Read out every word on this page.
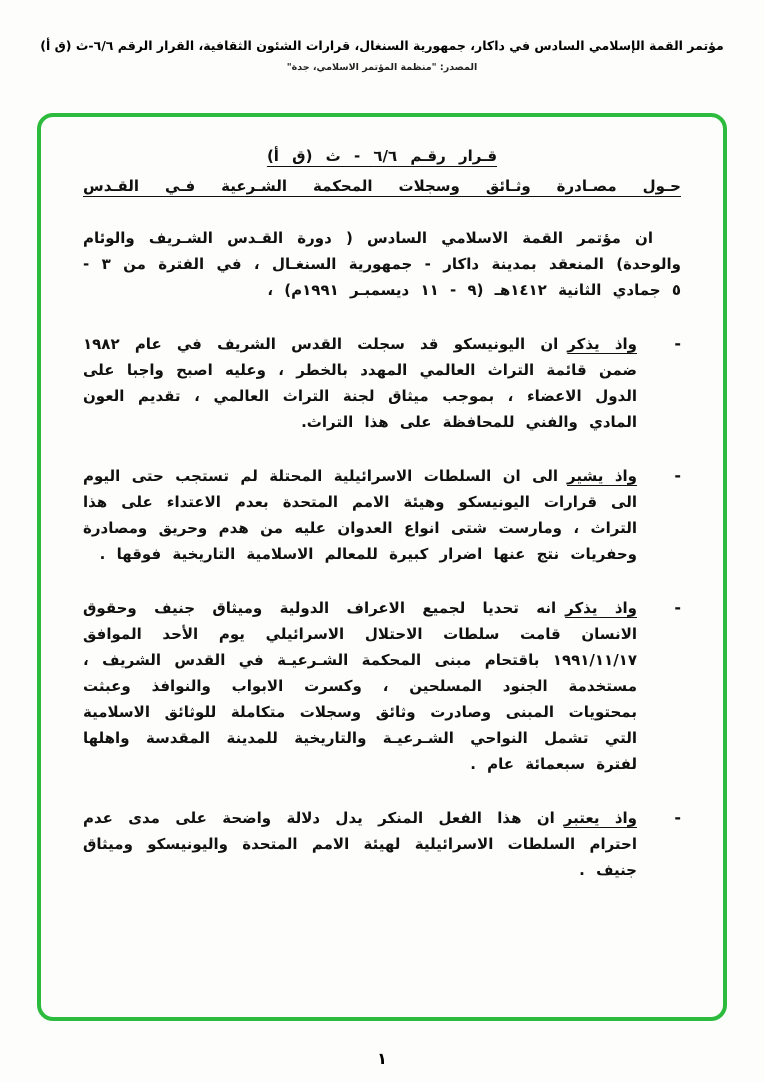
مؤتمر القمة الإسلامي السادس في داكار، جمهورية السنغال، قرارات الشئون الثقافية، القرار الرقم ٦/٦-ث (ق أ)
المصدر: "منظمة المؤتمر الاسلامي، جدة"
قـرار رقـم ٦/٦ - ث (ق أ)
حـول مصـادرة وثـائق وسجلات المحكمة الشـرعية فـي القـدس

ان مؤتمر القمة الاسلامي السادس ( دورة القـدس الشـريف والوئام والوحدة) المنعقد بمدينة داكار - جمهورية السنغـال ، في الفترة من ٣ - ٥ جمادي الثانية ١٤١٢هـ (٩ - ١١ ديسمبـر ١٩٩١م) ،

-

واذ يذكران اليونيسكو قد سجلت القدس الشريف في عام ١٩٨٢ ضمن قائمة التراث العالمي المهدد بالخطر ، وعليه اصبح واجبا على الدول الاعضاء ، بموجب ميثاق لجنة التراث العالمي ، تقديم العون المادي والفني للمحافظة على هذا التراث.

-

واذ يشيرالى ان السلطات الاسرائيلية المحتلة لم تستجب حتى اليوم الى قرارات اليونيسكو وهيئة الامم المتحدة بعدم الاعتداء على هذا التراث ، ومارست شتى انواع العدوان عليه من هدم وحريق ومصادرة وحفريات نتج عنها اضرار كبيرة للمعالم الاسلامية التاريخية فوقها .

-

واذ يذكرانه تحديا لجميع الاعراف الدولية وميثاق جنيف وحقوق الانسان قامت سلطات الاحتلال الاسرائيلي يوم الأحد الموافق ١٩٩١/١١/١٧ باقتحام مبنى المحكمة الشـرعيـة في القدس الشريف ، مستخدمة الجنود المسلحين ، وكسرت الابواب والنوافذ وعبثت بمحتويات المبنى وصادرت وثائق وسجلات متكاملة للوثائق الاسلامية التي تشمل النواحي الشـرعيـة والتاريخية للمدينة المقدسة واهلها لفترة سبعمائة عام .

-

واذ يعتبران هذا الفعل المنكر يدل دلالة واضحة على مدى عدم احترام السلطات الاسرائيلية لهيئة الامم المتحدة واليونيسكو وميثاق جنيف .

١
